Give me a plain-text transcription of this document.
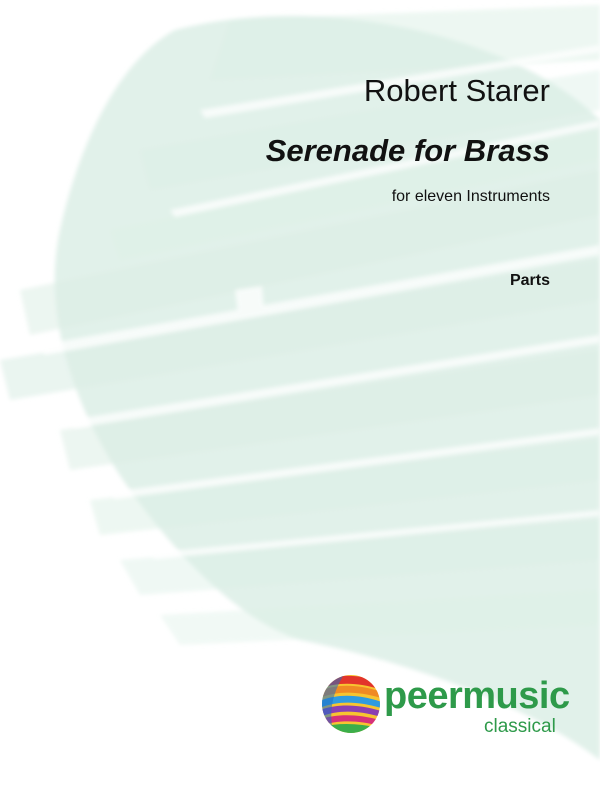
Robert Starer
Serenade for Brass
for eleven Instruments
Parts
peermusic
classical
